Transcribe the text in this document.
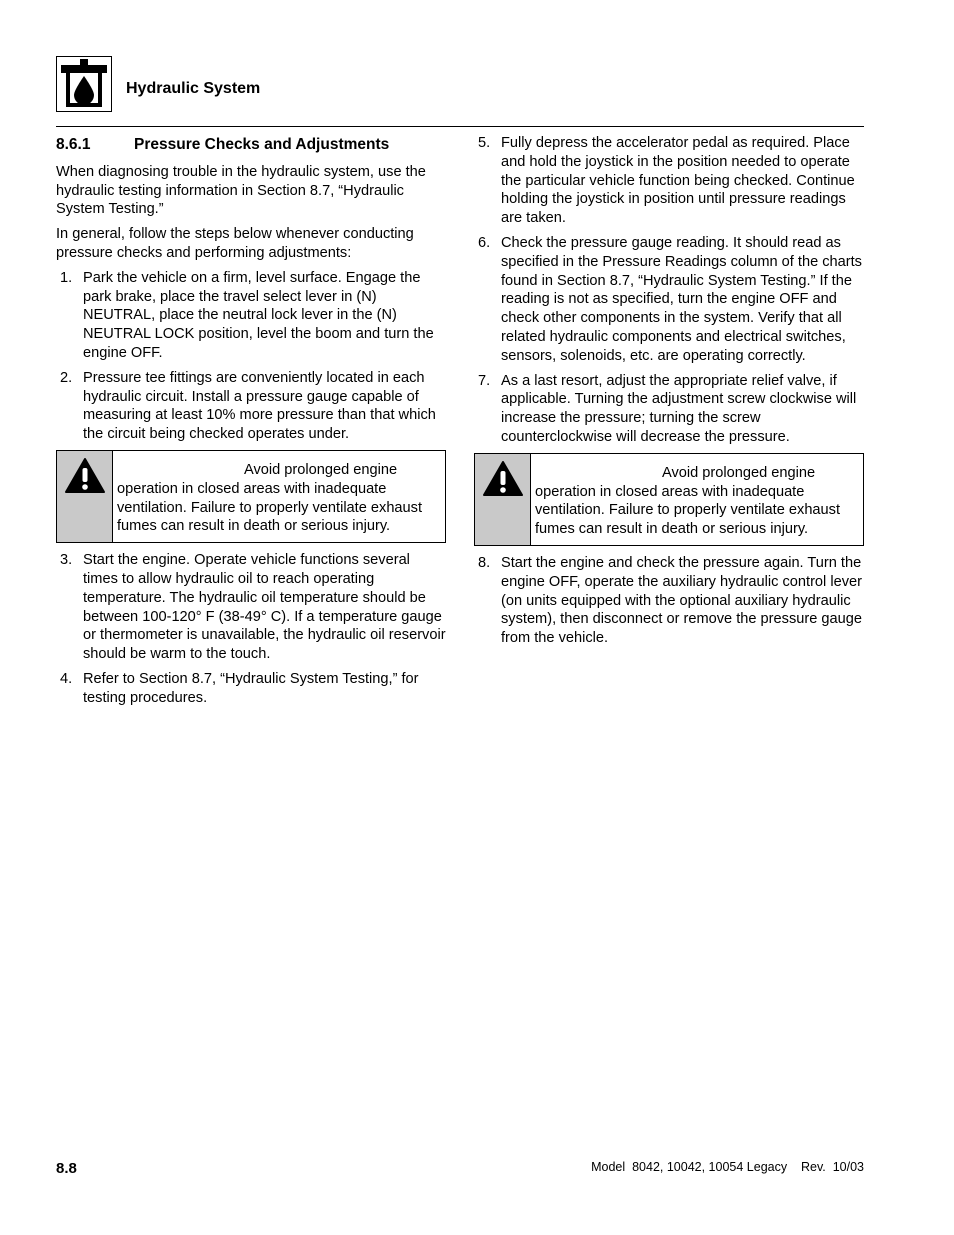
Hydraulic System
8.6.1	Pressure Checks and Adjustments

When diagnosing trouble in the hydraulic system, use the hydraulic testing information in Section 8.7, “Hydraulic System Testing.”

In general, follow the steps below whenever conducting pressure checks and performing adjustments:

1. Park the vehicle on a firm, level surface. Engage the park brake, place the travel select lever in (N) NEUTRAL, place the neutral lock lever in the (N) NEUTRAL LOCK position, level the boom and turn the engine OFF.
2. Pressure tee fittings are conveniently located in each hydraulic circuit. Install a pressure gauge capable of measuring at least 10% more pressure than that which the circuit being checked operates under.
Avoid prolonged engine
operation in closed areas with inadequate ventilation. Failure to properly ventilate exhaust fumes can result in death or serious injury.
3. Start the engine. Operate vehicle functions several times to allow hydraulic oil to reach operating temperature. The hydraulic oil temperature should be between 100-120° F (38-49° C). If a temperature gauge or thermometer is unavailable, the hydraulic oil reservoir should be warm to the touch.
4. Refer to Section 8.7, “Hydraulic System Testing,” for testing procedures.
5. Fully depress the accelerator pedal as required. Place and hold the joystick in the position needed to operate the particular vehicle function being checked. Continue holding the joystick in position until pressure readings are taken.
6. Check the pressure gauge reading. It should read as specified in the Pressure Readings column of the charts found in Section 8.7, “Hydraulic System Testing.” If the reading is not as specified, turn the engine OFF and check other components in the system. Verify that all related hydraulic components and electrical switches, sensors, solenoids, etc. are operating correctly.
7. As a last resort, adjust the appropriate relief valve, if applicable. Turning the adjustment screw clockwise will increase the pressure; turning the screw counterclockwise will decrease the pressure.
Avoid prolonged engine
operation in closed areas with inadequate ventilation. Failure to properly ventilate exhaust fumes can result in death or serious injury.
8. Start the engine and check the pressure again. Turn the engine OFF, operate the auxiliary hydraulic control lever (on units equipped with the optional auxiliary hydraulic system), then disconnect or remove the pressure gauge from the vehicle.
8.8	Model  8042, 10042, 10054 Legacy    Rev.  10/03
